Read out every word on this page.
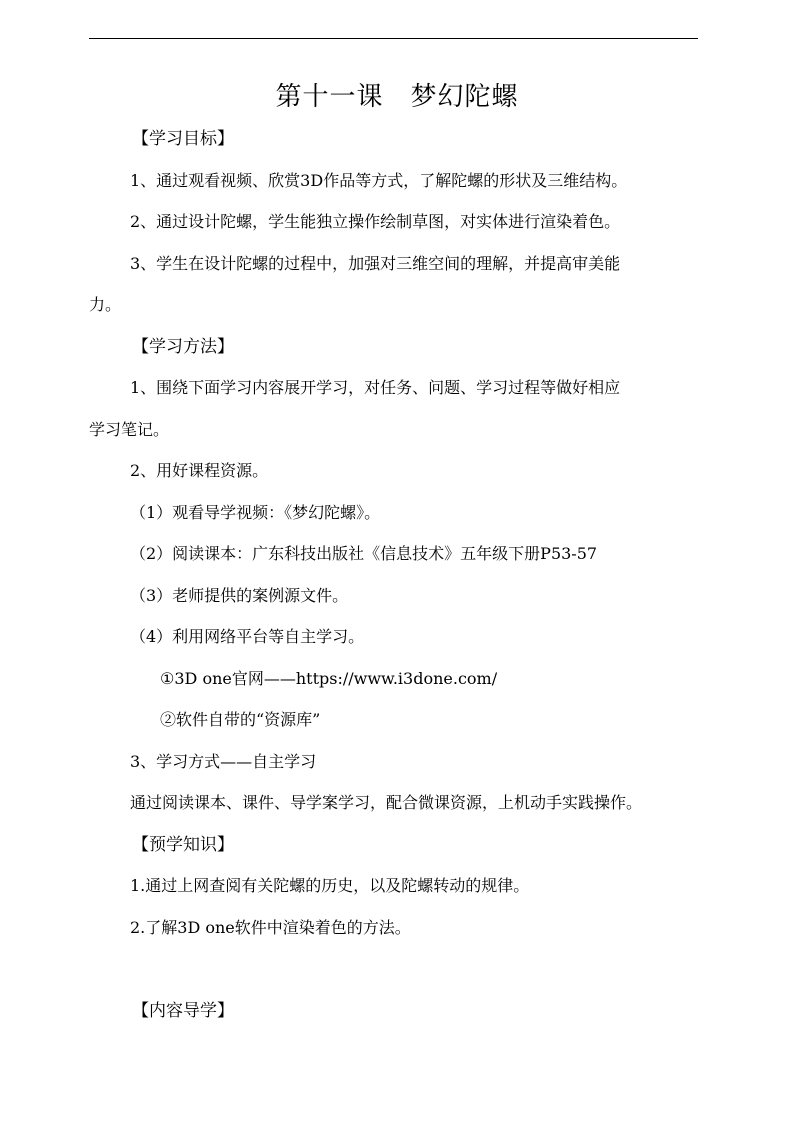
第十一课　梦幻陀螺
【学习目标】
1、通过观看视频、欣赏3D作品等方式，了解陀螺的形状及三维结构。
2、通过设计陀螺，学生能独立操作绘制草图，对实体进行渲染着色。
3、学生在设计陀螺的过程中，加强对三维空间的理解，并提高审美能
力。
【学习方法】
1、围绕下面学习内容展开学习，对任务、问题、学习过程等做好相应
学习笔记。
2、用好课程资源。
（1）观看导学视频：《梦幻陀螺》。
（2）阅读课本：广东科技出版社《信息技术》五年级下册P53-57
（3）老师提供的案例源文件。
（4）利用网络平台等自主学习。
①3D one官网——https://www.i3done.com/
②软件自带的“资源库”
3、学习方式——自主学习
通过阅读课本、课件、导学案学习，配合微课资源，上机动手实践操作。
【预学知识】
1.通过上网查阅有关陀螺的历史，以及陀螺转动的规律。
2.了解3D one软件中渲染着色的方法。
【内容导学】
